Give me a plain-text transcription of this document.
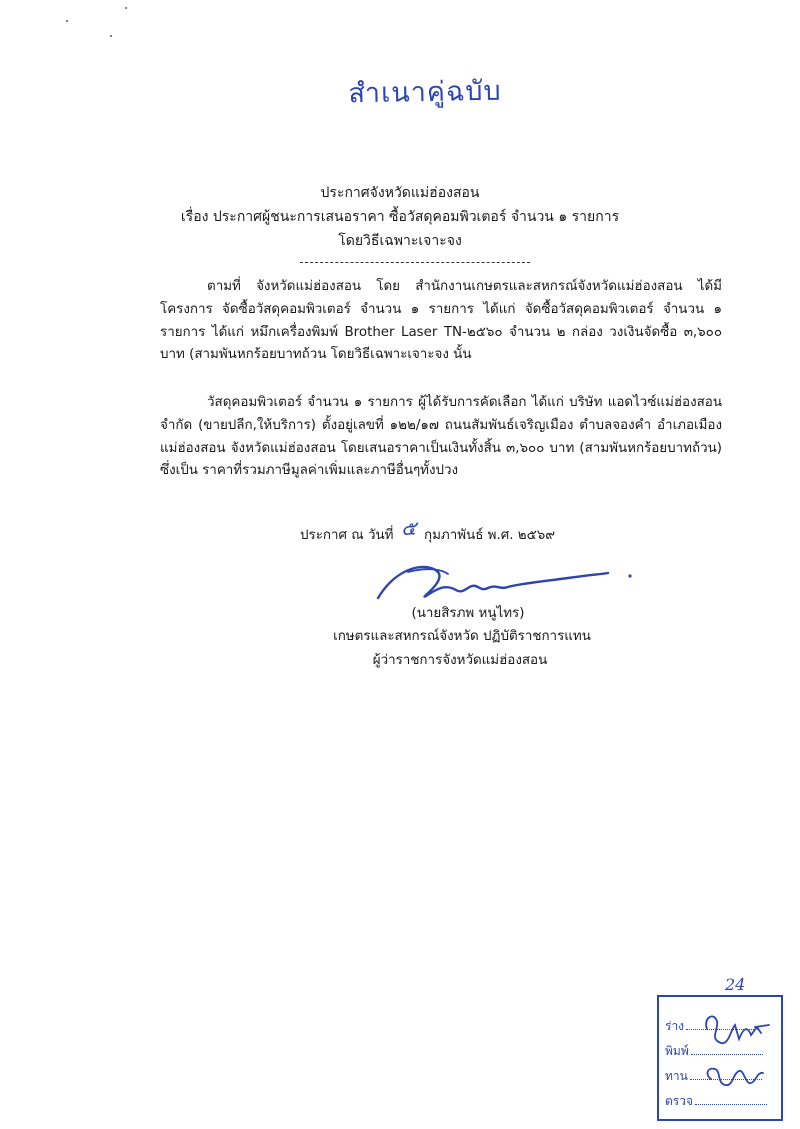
สำเนาคู่ฉบับ
ประกาศจังหวัดแม่ฮ่องสอน
เรื่อง ประกาศผู้ชนะการเสนอราคา ซื้อวัสดุคอมพิวเตอร์ จำนวน ๑ รายการ
โดยวิธีเฉพาะเจาะจง
ตามที่ จังหวัดแม่ฮ่องสอน โดย สำนักงานเกษตรและสหกรณ์จังหวัดแม่ฮ่องสอน ได้มีโครงการ จัดซื้อวัสดุคอมพิวเตอร์ จำนวน ๑ รายการ ได้แก่ จัดซื้อวัสดุคอมพิวเตอร์ จำนวน ๑ รายการ ได้แก่ หมึกเครื่องพิมพ์ Brother Laser TN-๒๕๖๐ จำนวน ๒ กล่อง วงเงินจัดซื้อ ๓,๖๐๐ บาท (สามพันหกร้อยบาทถ้วน โดยวิธีเฉพาะเจาะจง นั้น
วัสดุคอมพิวเตอร์ จำนวน ๑ รายการ ผู้ได้รับการคัดเลือก ได้แก่ บริษัท แอดไวซ์แม่ฮ่องสอน จำกัด (ขายปลีก,ให้บริการ) ตั้งอยู่เลขที่ ๑๒๒/๑๗ ถนนสัมพันธ์เจริญเมือง ตำบลจองคำ อำเภอเมือง แม่ฮ่องสอน จังหวัดแม่ฮ่องสอน โดยเสนอราคาเป็นเงินทั้งสิ้น ๓,๖๐๐ บาท (สามพันหกร้อยบาทถ้วน) ซึ่งเป็น ราคาที่รวมภาษีมูลค่าเพิ่มและภาษีอื่นๆทั้งปวง
ประกาศ ณ วันที่ ๕ กุมภาพันธ์ พ.ศ. ๒๕๖๙
(นายสิรภพ หนูไทร)
เกษตรและสหกรณ์จังหวัด ปฏิบัติราชการแทน
ผู้ว่าราชการจังหวัดแม่ฮ่องสอน
24
ร่าง
พิมพ์
ทาน
ตรวจ
